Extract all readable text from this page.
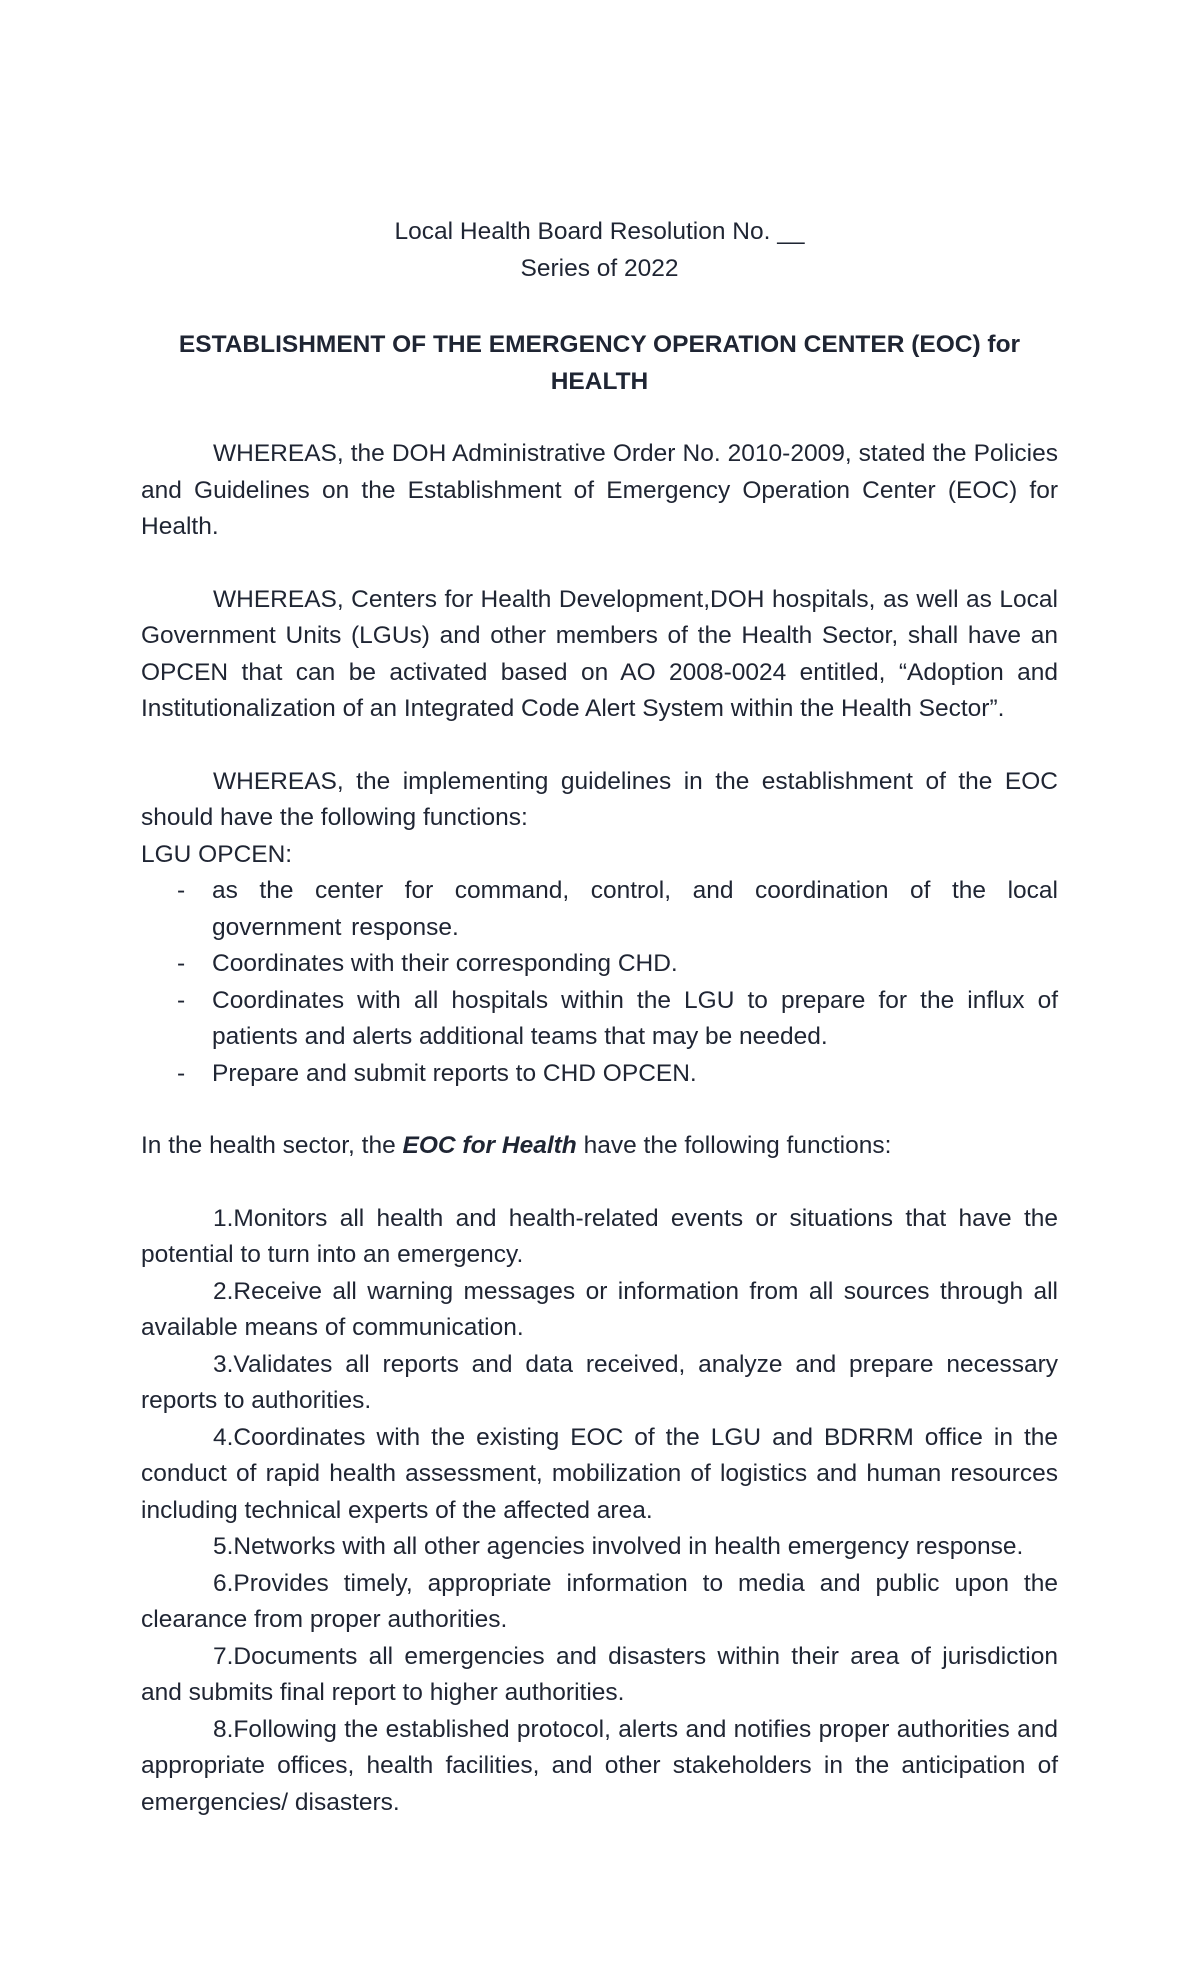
Local Health Board Resolution No. __

Series of 2022

ESTABLISHMENT OF THE EMERGENCY OPERATION CENTER (EOC) for HEALTH

WHEREAS, the DOH Administrative Order No. 2010-2009, stated the Policies and Guidelines on the Establishment of Emergency Operation Center (EOC) for Health.

WHEREAS, Centers for Health Development,DOH hospitals, as well as Local Government Units (LGUs) and other members of the Health Sector, shall have an OPCEN that can be activated based on AO 2008-0024 entitled, “Adoption and Institutionalization of an Integrated Code Alert System within the Health Sector”.

WHEREAS, the implementing guidelines in the establishment of the EOC should have the following functions:

LGU OPCEN:

- as the center for command, control, and coordination of the local government response.
- Coordinates with their corresponding CHD.
- Coordinates with all hospitals within the LGU to prepare for the influx of patients and alerts additional teams that may be needed.
- Prepare and submit reports to CHD OPCEN.

In the health sector, the EOC for Health have the following functions:

1.Monitors all health and health-related events or situations that have the potential to turn into an emergency.

2.Receive all warning messages or information from all sources through all available means of communication.

3.Validates all reports and data received, analyze and prepare necessary reports to authorities.

4.Coordinates with the existing EOC of the LGU and BDRRM office in the conduct of rapid health assessment, mobilization of logistics and human resources including technical experts of the affected area.

5.Networks with all other agencies involved in health emergency response.

6.Provides timely, appropriate information to media and public upon the clearance from proper authorities.

7.Documents all emergencies and disasters within their area of jurisdiction and submits final report to higher authorities.

8.Following the established protocol, alerts and notifies proper authorities and appropriate offices, health facilities, and other stakeholders in the anticipation of emergencies/ disasters.
